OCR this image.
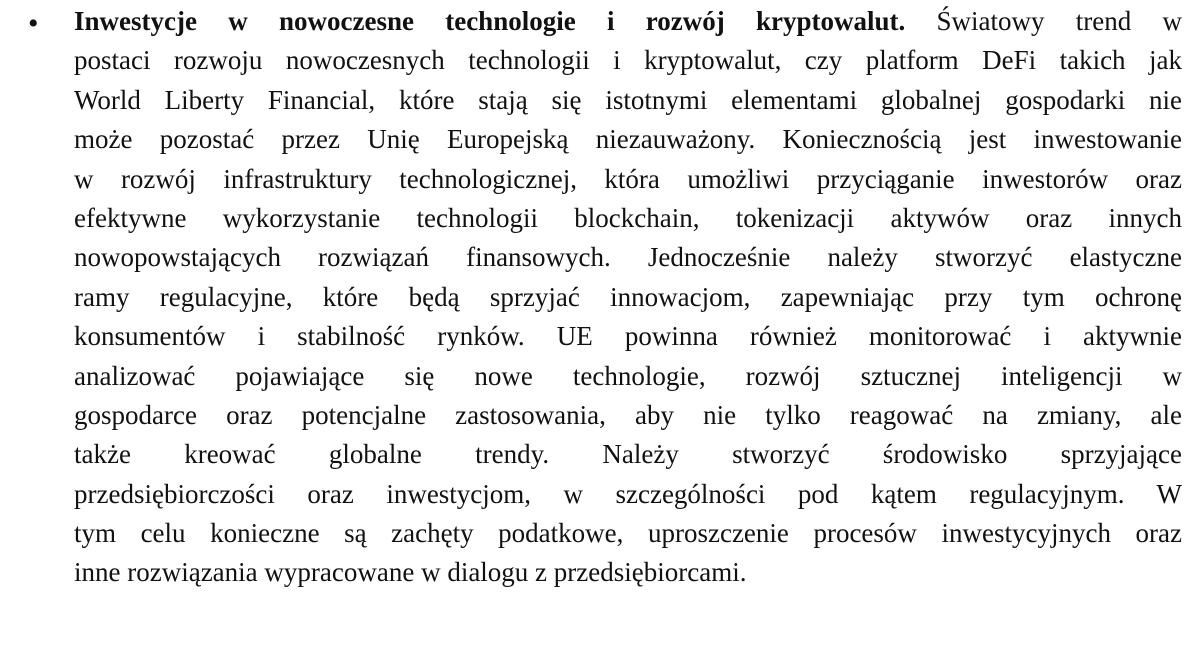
• Inwestycje w nowoczesne technologie i rozwój kryptowalut. Światowy trend w
postaci rozwoju nowoczesnych technologii i kryptowalut, czy platform DeFi takich jak
World Liberty Financial, które stają się istotnymi elementami globalnej gospodarki nie
może pozostać przez Unię Europejską niezauważony. Koniecznością jest inwestowanie
w rozwój infrastruktury technologicznej, która umożliwi przyciąganie inwestorów oraz
efektywne wykorzystanie technologii blockchain, tokenizacji aktywów oraz innych
nowopowstających rozwiązań finansowych. Jednocześnie należy stworzyć elastyczne
ramy regulacyjne, które będą sprzyjać innowacjom, zapewniając przy tym ochronę
konsumentów i stabilność rynków. UE powinna również monitorować i aktywnie
analizować pojawiające się nowe technologie, rozwój sztucznej inteligencji w
gospodarce oraz potencjalne zastosowania, aby nie tylko reagować na zmiany, ale
także kreować globalne trendy. Należy stworzyć środowisko sprzyjające
przedsiębiorczości oraz inwestycjom, w szczególności pod kątem regulacyjnym. W
tym celu konieczne są zachęty podatkowe, uproszczenie procesów inwestycyjnych oraz
inne rozwiązania wypracowane w dialogu z przedsiębiorcami.
